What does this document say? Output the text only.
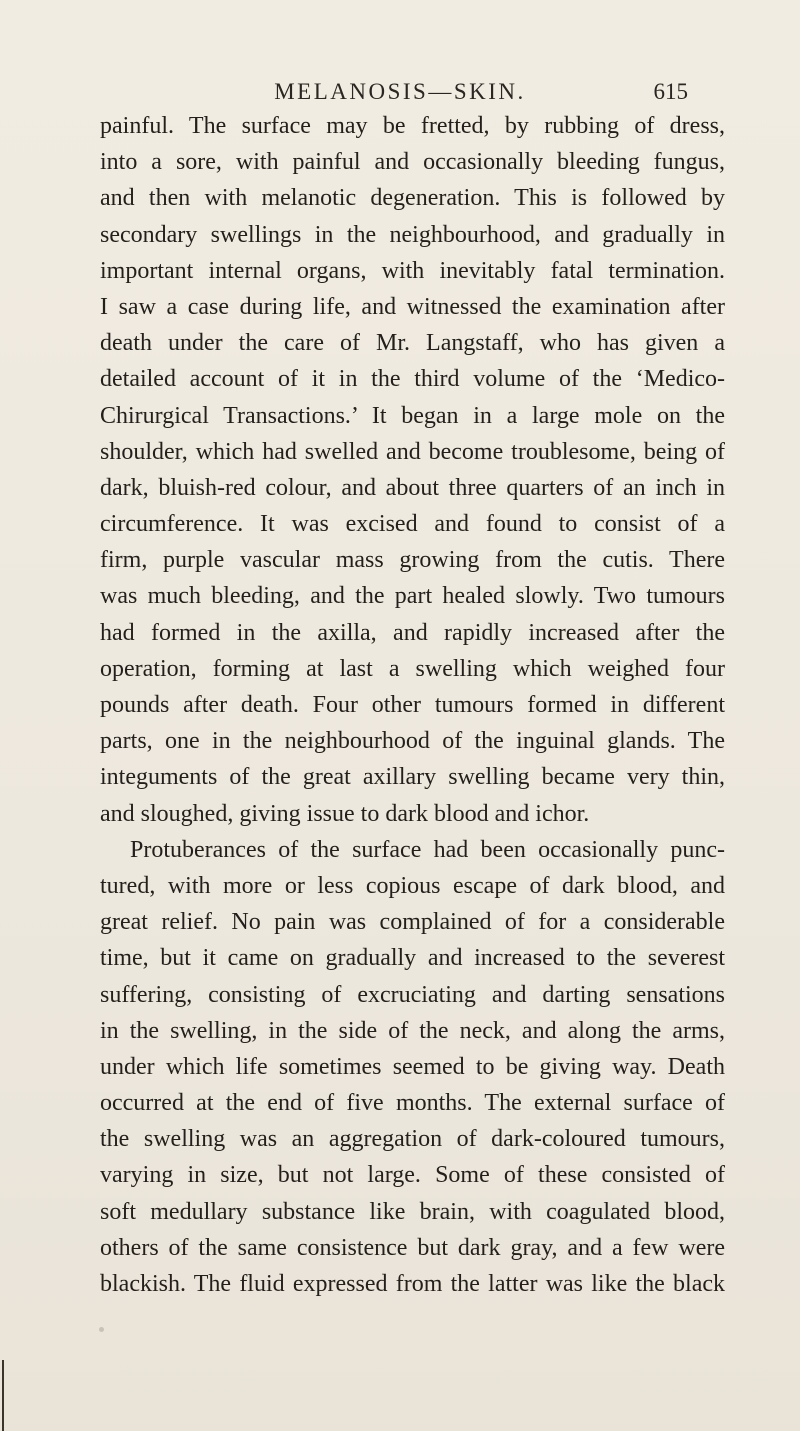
MELANOSIS—SKIN.	615
painful. The surface may be fretted, by rubbing of dress,
into a sore, with painful and occasionally bleeding fungus,
and then with melanotic degeneration. This is followed by
secondary swellings in the neighbourhood, and gradually in
important internal organs, with inevitably fatal termination.
I saw a case during life, and witnessed the examination after
death under the care of Mr. Langstaff, who has given a
detailed account of it in the third volume of the ‘Medico-
Chirurgical Transactions.’ It began in a large mole on the
shoulder, which had swelled and become troublesome, being of
dark, bluish-red colour, and about three quarters of an inch in
circumference. It was excised and found to consist of a
firm, purple vascular mass growing from the cutis. There
was much bleeding, and the part healed slowly. Two tumours
had formed in the axilla, and rapidly increased after the
operation, forming at last a swelling which weighed four
pounds after death. Four other tumours formed in different
parts, one in the neighbourhood of the inguinal glands. The
integuments of the great axillary swelling became very thin,
and sloughed, giving issue to dark blood and ichor.
Protuberances of the surface had been occasionally punc-
tured, with more or less copious escape of dark blood, and
great relief. No pain was complained of for a considerable
time, but it came on gradually and increased to the severest
suffering, consisting of excruciating and darting sensations
in the swelling, in the side of the neck, and along the arms,
under which life sometimes seemed to be giving way. Death
occurred at the end of five months. The external surface of
the swelling was an aggregation of dark-coloured tumours,
varying in size, but not large. Some of these consisted of
soft medullary substance like brain, with coagulated blood,
others of the same consistence but dark gray, and a few were
blackish. The fluid expressed from the latter was like the black
